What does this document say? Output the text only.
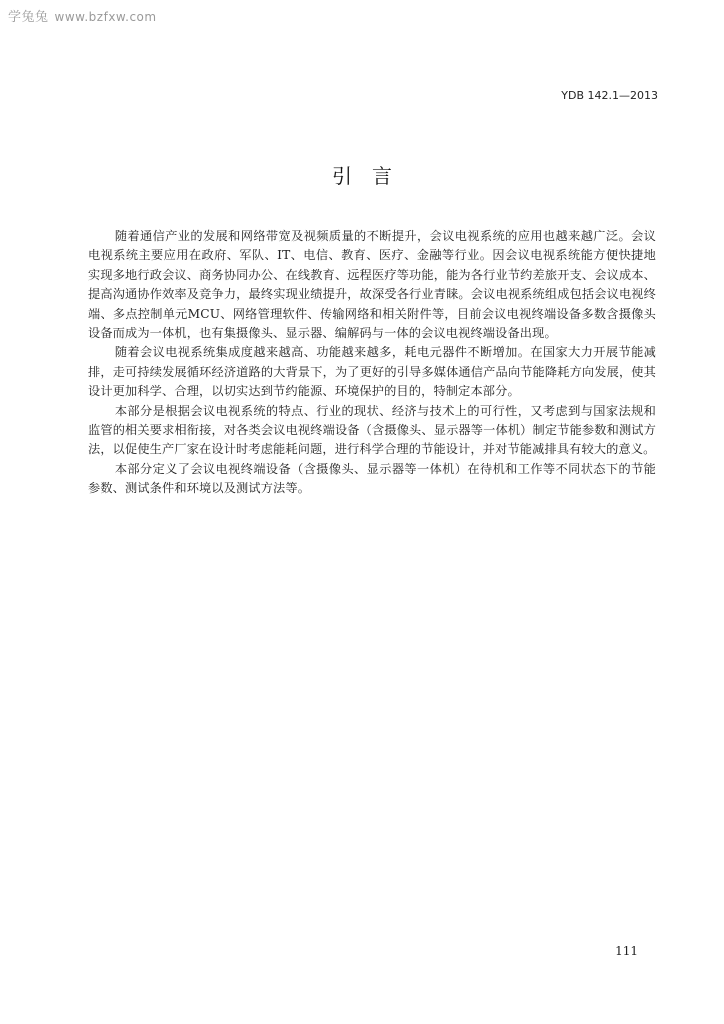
学兔兔 www.bzfxw.com
YDB 142.1—2013
引言

随着通信产业的发展和网络带宽及视频质量的不断提升，会议电视系统的应用也越来越广泛。会议电视系统主要应用在政府、军队、IT、电信、教育、医疗、金融等行业。因会议电视系统能方便快捷地实现多地行政会议、商务协同办公、在线教育、远程医疗等功能，能为各行业节约差旅开支、会议成本、提高沟通协作效率及竞争力，最终实现业绩提升，故深受各行业青睐。会议电视系统组成包括会议电视终端、多点控制单元MCU、网络管理软件、传输网络和相关附件等，目前会议电视终端设备多数含摄像头设备而成为一体机，也有集摄像头、显示器、编解码与一体的会议电视终端设备出现。

随着会议电视系统集成度越来越高、功能越来越多，耗电元器件不断增加。在国家大力开展节能减排，走可持续发展循环经济道路的大背景下，为了更好的引导多媒体通信产品向节能降耗方向发展，使其设计更加科学、合理，以切实达到节约能源、环境保护的目的，特制定本部分。

本部分是根据会议电视系统的特点、行业的现状、经济与技术上的可行性，又考虑到与国家法规和监管的相关要求相衔接，对各类会议电视终端设备（含摄像头、显示器等一体机）制定节能参数和测试方法，以促使生产厂家在设计时考虑能耗问题，进行科学合理的节能设计，并对节能减排具有较大的意义。

本部分定义了会议电视终端设备（含摄像头、显示器等一体机）在待机和工作等不同状态下的节能参数、测试条件和环境以及测试方法等。

111
